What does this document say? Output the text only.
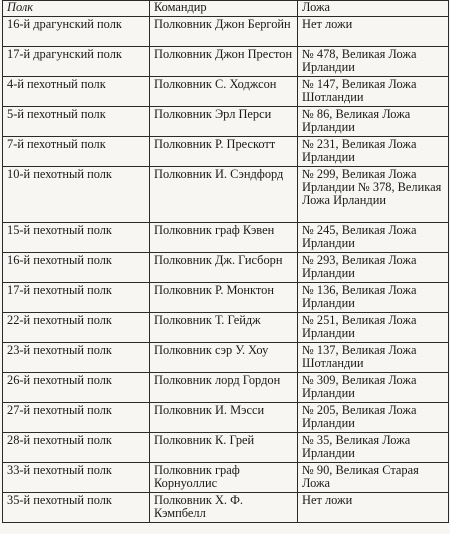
Полк	Командир	Ложа
16-й драгунский полк	Полковник Джон Бергойн	Нет ложи
17-й драгунский полк	Полковник Джон Престон	№ 478, Великая Ложа Ирландии
4-й пехотный полк	Полковник С. Ходжсон	№ 147, Великая Ложа Шотландии
5-й пехотный полк	Полковник Эрл Перси	№ 86, Великая Ложа Ирландии
7-й пехотный полк	Полковник Р. Прескотт	№ 231, Великая Ложа Ирландии
10-й пехотный полк	Полковник И. Сэндфорд	№ 299, Великая Ложа Ирландии № 378, Великая Ложа Ирландии
15-й пехотный полк	Полковник граф Кэвен	№ 245, Великая Ложа Ирландии
16-й пехотный полк	Полковник Дж. Гисборн	№ 293, Великая Ложа Ирландии
17-й пехотный полк	Полковник Р. Монктон	№ 136, Великая Ложа Ирландии
22-й пехотный полк	Полковник Т. Гейдж	№ 251, Великая Ложа Ирландии
23-й пехотный полк	Полковник сэр У. Хоу	№ 137, Великая Ложа Шотландии
26-й пехотный полк	Полковник лорд Гордон	№ 309, Великая Ложа Ирландии
27-й пехотный полк	Полковник И. Мэсси	№ 205, Великая Ложа Ирландии
28-й пехотный полк	Полковник К. Грей	№ 35, Великая Ложа Ирландии
33-й пехотный полк	Полковник граф Корнуоллис	№ 90, Великая Старая Ложа
35-й пехотный полк	Полковник Х. Ф. Кэмпбелл	Нет ложи
